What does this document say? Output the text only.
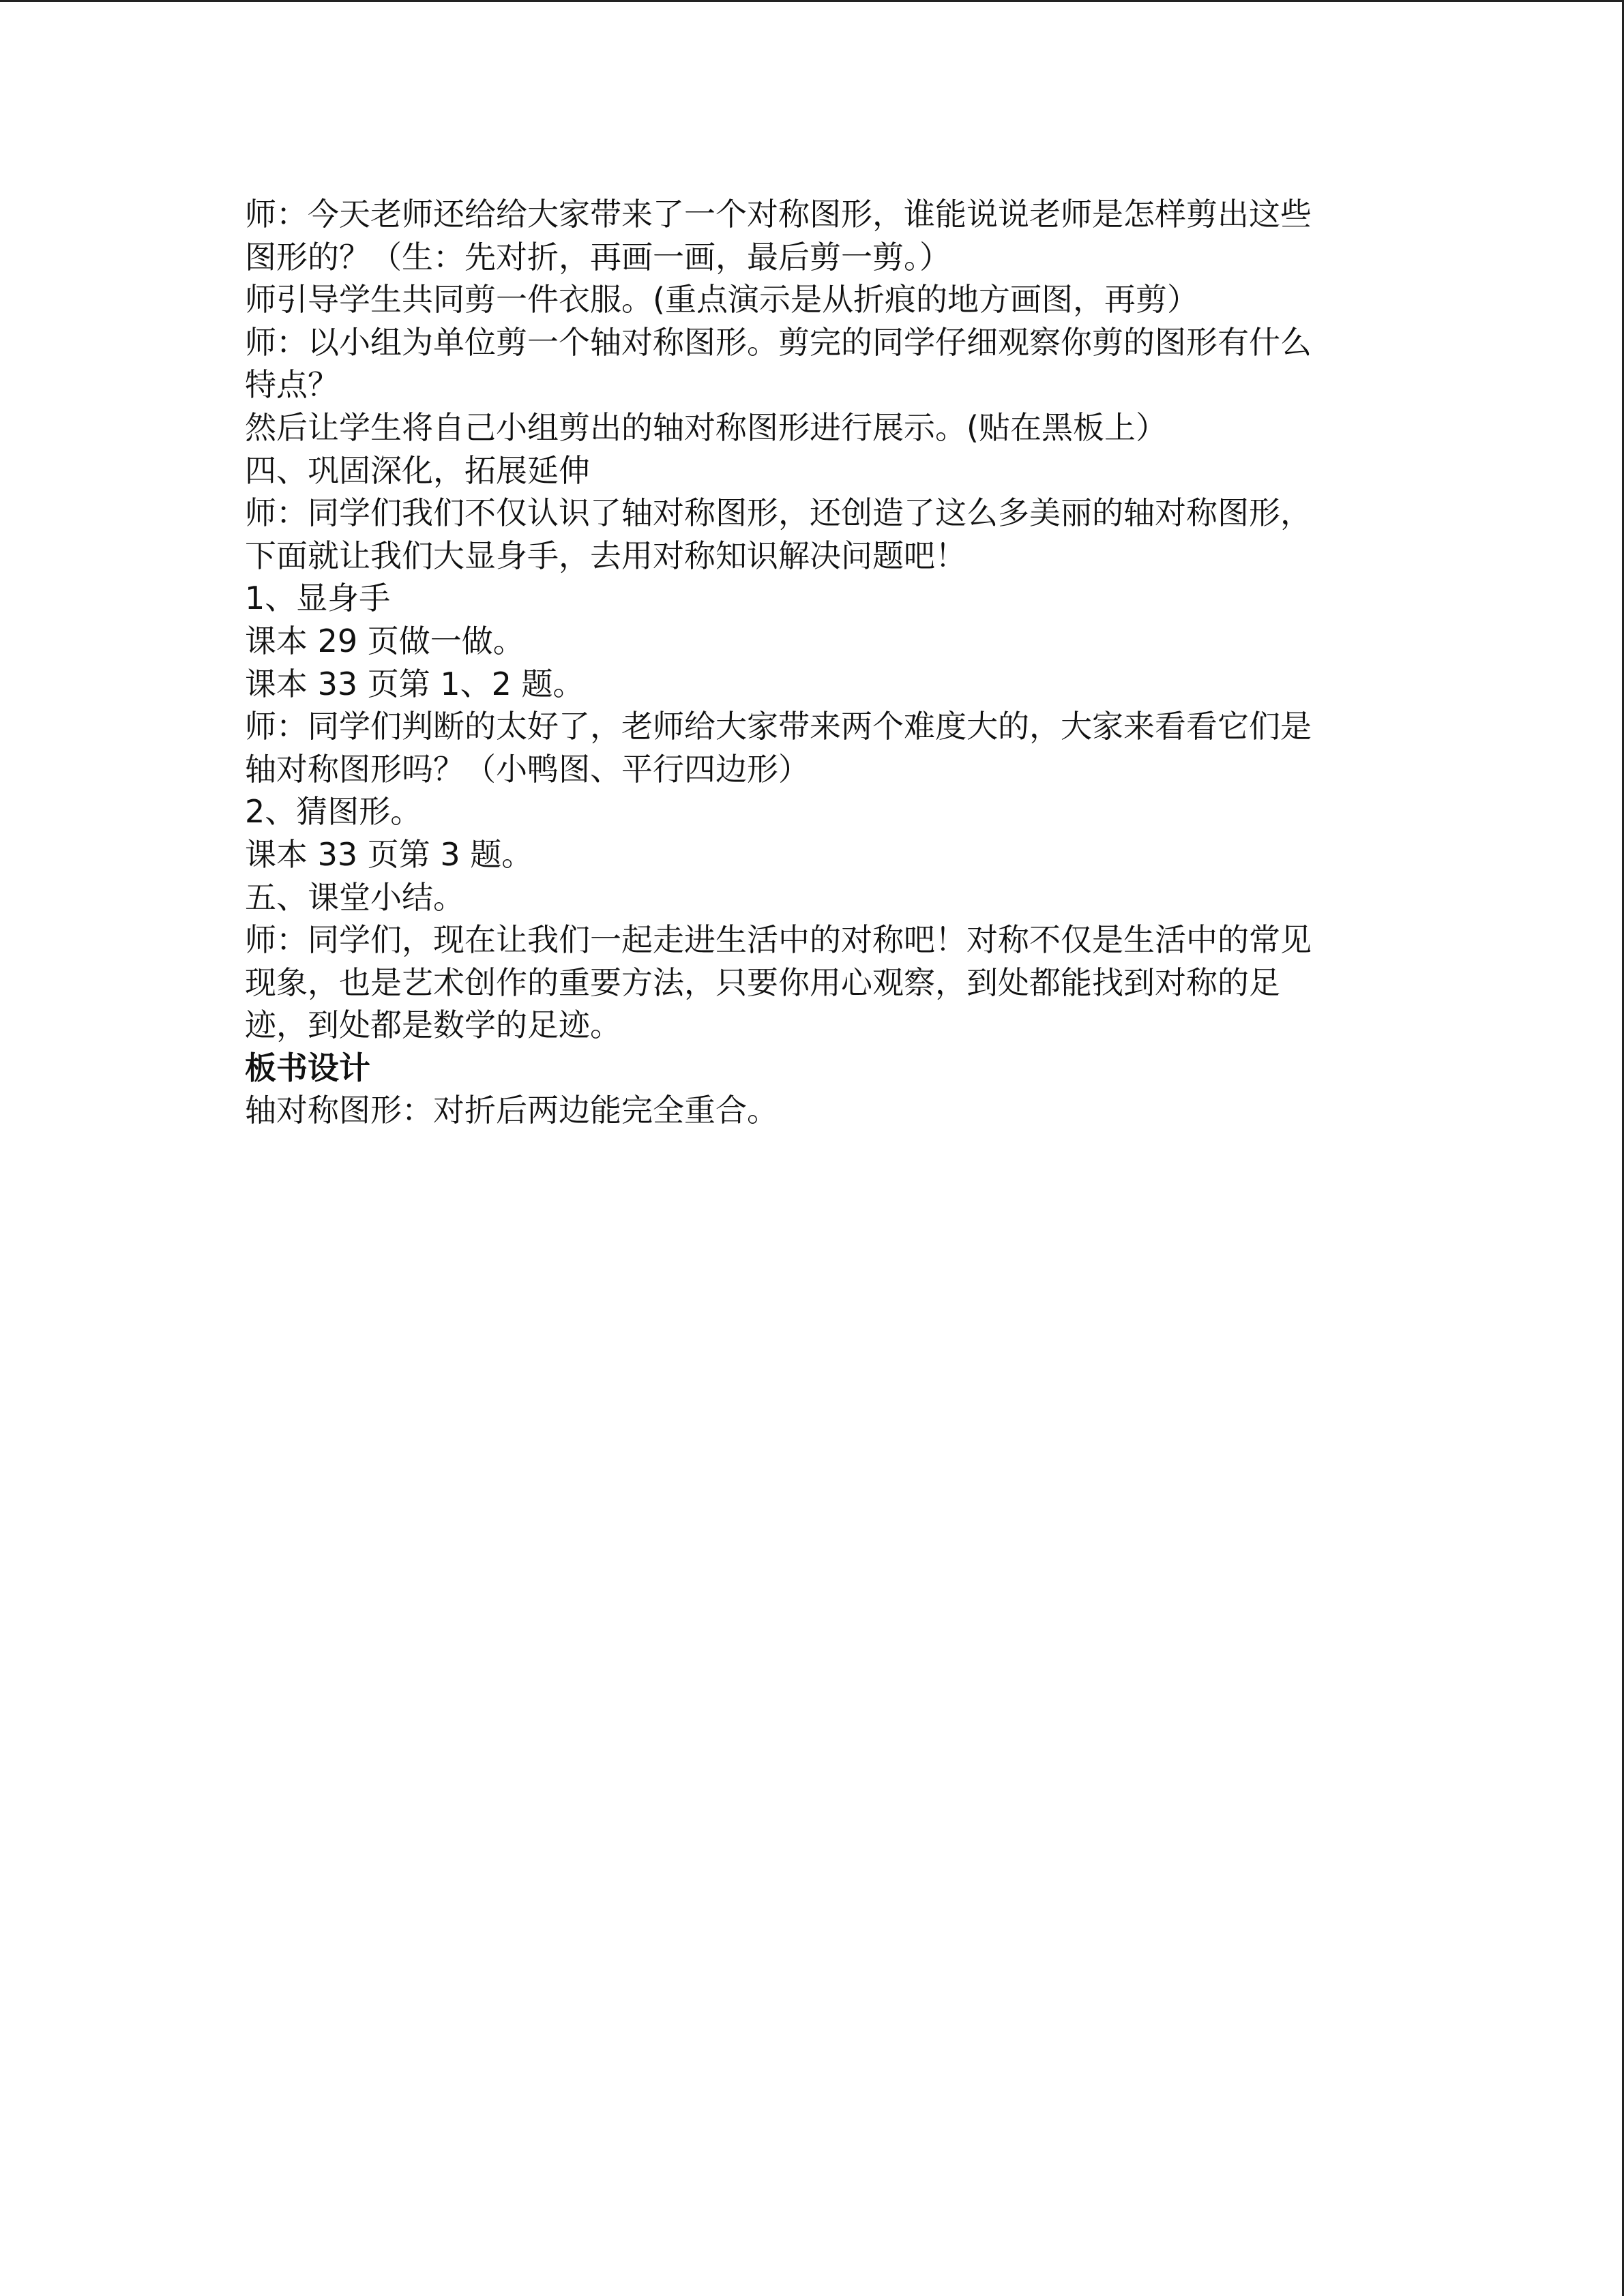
师：今天老师还给给大家带来了一个对称图形，谁能说说老师是怎样剪出这些
图形的？（生：先对折，再画一画，最后剪一剪。）
师引导学生共同剪一件衣服。(重点演示是从折痕的地方画图，再剪）
师：以小组为单位剪一个轴对称图形。剪完的同学仔细观察你剪的图形有什么
特点？
然后让学生将自己小组剪出的轴对称图形进行展示。(贴在黑板上）
四、巩固深化，拓展延伸
师：同学们我们不仅认识了轴对称图形，还创造了这么多美丽的轴对称图形，
下面就让我们大显身手，去用对称知识解决问题吧！
1、显身手
课本 29 页做一做。
课本 33 页第 1、2 题。
师：同学们判断的太好了，老师给大家带来两个难度大的，大家来看看它们是
轴对称图形吗？（小鸭图、平行四边形）
2、猜图形。
课本 33 页第 3 题。
五、课堂小结。
师：同学们，现在让我们一起走进生活中的对称吧！对称不仅是生活中的常见
现象，也是艺术创作的重要方法，只要你用心观察，到处都能找到对称的足
迹，到处都是数学的足迹。
板书设计
轴对称图形：对折后两边能完全重合。
